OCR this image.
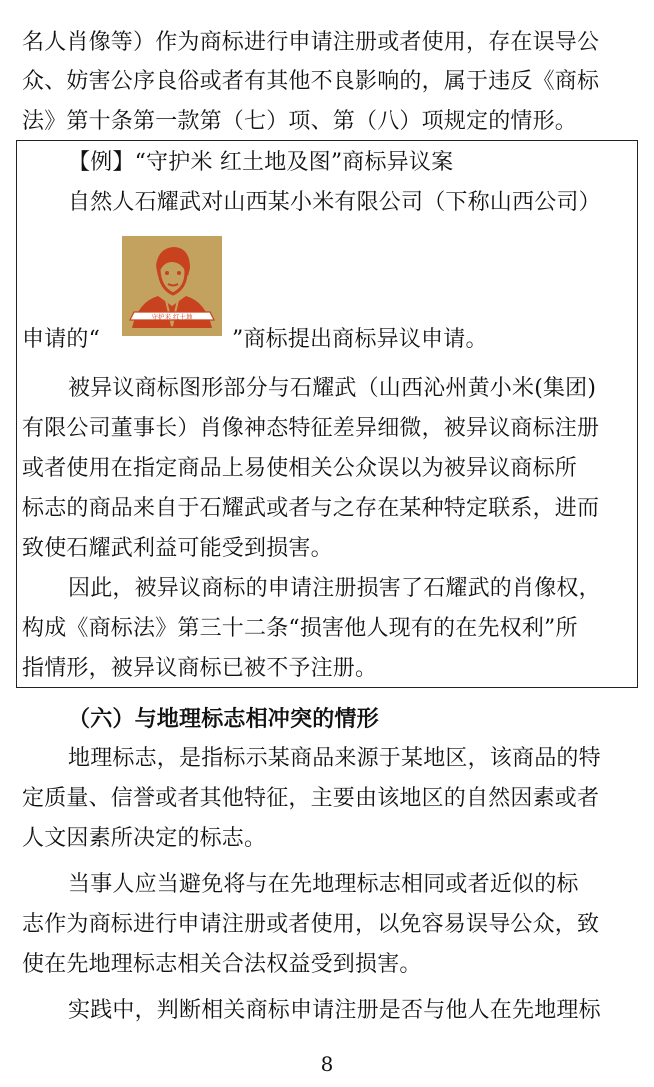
名人肖像等）作为商标进行申请注册或者使用，存在误导公
众、妨害公序良俗或者有其他不良影响的，属于违反《商标
法》第十条第一款第（七）项、第（八）项规定的情形。
【例】“守护米 红土地及图”商标异议案
自然人石耀武对山西某小米有限公司（下称山西公司）
守护米 红土地
申请的“	”商标提出商标异议申请。
被异议商标图形部分与石耀武（山西沁州黄小米(集团)
有限公司董事长）肖像神态特征差异细微，被异议商标注册
或者使用在指定商品上易使相关公众误以为被异议商标所
标志的商品来自于石耀武或者与之存在某种特定联系，进而
致使石耀武利益可能受到损害。
因此，被异议商标的申请注册损害了石耀武的肖像权，
构成《商标法》第三十二条“损害他人现有的在先权利”所
指情形，被异议商标已被不予注册。
（六）与地理标志相冲突的情形
地理标志，是指标示某商品来源于某地区，该商品的特
定质量、信誉或者其他特征，主要由该地区的自然因素或者
人文因素所决定的标志。
当事人应当避免将与在先地理标志相同或者近似的标
志作为商标进行申请注册或者使用，以免容易误导公众，致
使在先地理标志相关合法权益受到损害。
实践中，判断相关商标申请注册是否与他人在先地理标
8
